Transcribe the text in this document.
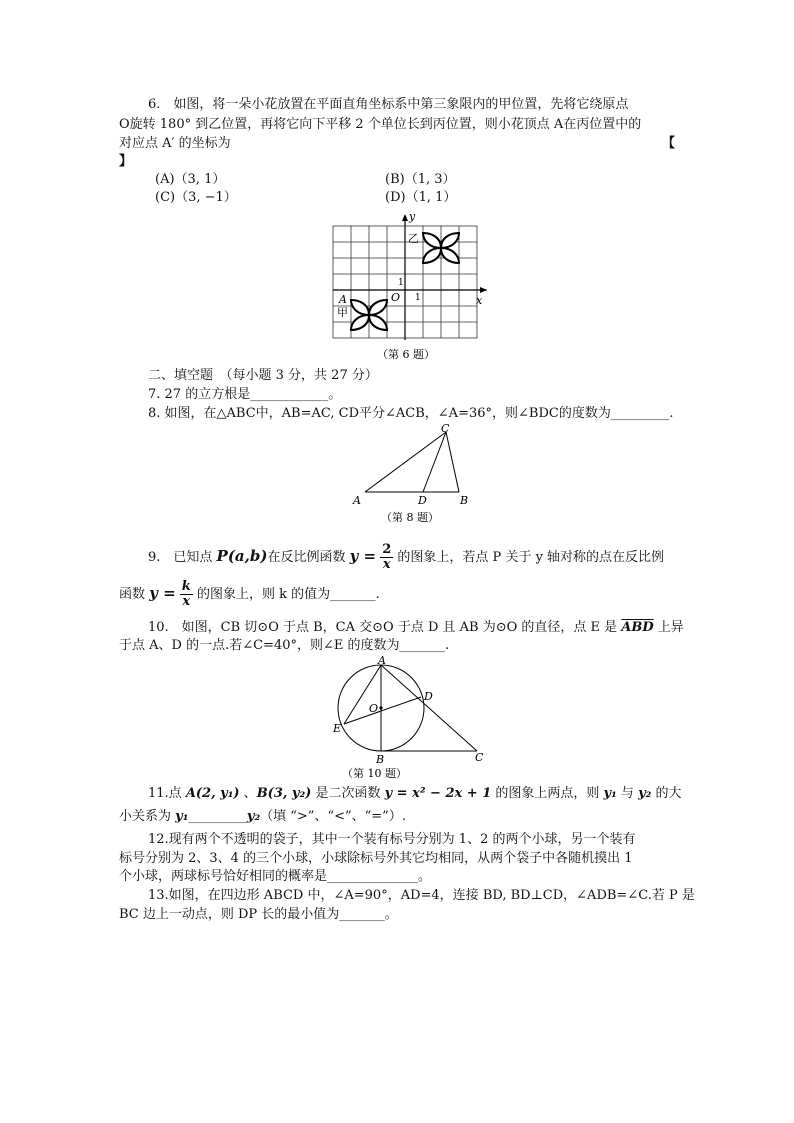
6.　如图，将一朵小花放置在平面直角坐标系中第三象限内的甲位置，先将它绕原点
O旋转 180° 到乙位置，再将它向下平移 2 个单位长到丙位置，则小花顶点 A在丙位置中的
对应点 A′ 的坐标为	【
】
(A)（3, 1）	(B)（1, 3）
(C)（3, −1）	(D)（1, 1）
y
x
O 1
1
A
甲
乙
（第 6 题）
二、填空题　（每小题 3 分，共 27 分）
7. 27 的立方根是____________。
8. 如图，在△ABC中，AB=AC, CD平分∠ACB，∠A=36°，则∠BDC的度数为_________.
C
A	D	B
（第 8 题）
9.　已知点 P(a,b)在反比例函数 $y = \frac{2}{x}$ 的图象上，若点 P 关于 y 轴对称的点在反比例
函数 $y = \frac{k}{x}$ 的图象上，则 k 的值为_______.
10.　如图，CB 切⊙O 于点 B，CA 交⊙O 于点 D 且 AB 为⊙O 的直径，点 E 是 $\overline{ABD}$ 上异
于点 A、D 的一点.若∠C=40°，则∠E 的度数为_______.
A
D
O
E
B	C
（第 10 题）
11.点 A(2, y₁) 、B(3, y₂) 是二次函数 y = x² − 2x + 1 的图象上两点，则 y₁ 与 y₂ 的大
小关系为 y₁_________y₂（填 “>”、“<”、“=”）.
12.现有两个不透明的袋子，其中一个装有标号分别为 1、2 的两个小球，另一个装有
标号分别为 2、3、4 的三个小球，小球除标号外其它均相同，从两个袋子中各随机摸出 1
个小球，两球标号恰好相同的概率是______________。
13.如图，在四边形 ABCD 中，∠A=90°，AD=4，连接 BD, BD⊥CD，∠ADB=∠C.若 P 是
BC 边上一动点，则 DP 长的最小值为_______。
